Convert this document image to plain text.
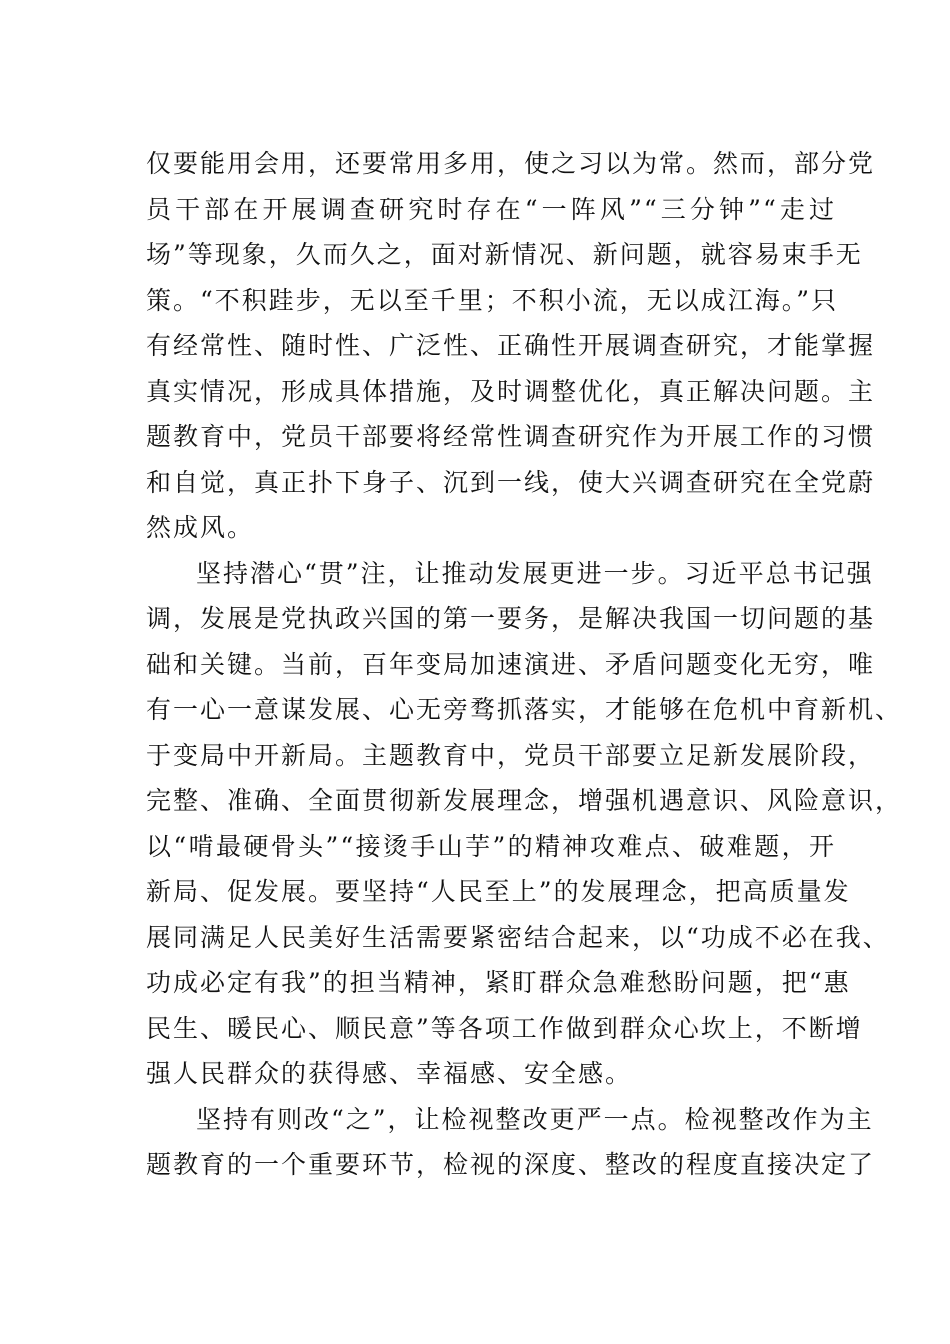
仅要能用会用，还要常用多用，使之习以为常。然而，部分党
员干部在开展调查研究时存在“一阵风”“三分钟”“走过
场”等现象，久而久之，面对新情况、新问题，就容易束手无
策。“不积跬步，无以至千里；不积小流，无以成江海。”只
有经常性、随时性、广泛性、正确性开展调查研究，才能掌握
真实情况，形成具体措施，及时调整优化，真正解决问题。主
题教育中，党员干部要将经常性调查研究作为开展工作的习惯
和自觉，真正扑下身子、沉到一线，使大兴调查研究在全党蔚
然成风。
坚持潜心“贯”注，让推动发展更进一步。习近平总书记强
调，发展是党执政兴国的第一要务，是解决我国一切问题的基
础和关键。当前，百年变局加速演进、矛盾问题变化无穷，唯
有一心一意谋发展、心无旁骛抓落实，才能够在危机中育新机、
于变局中开新局。主题教育中，党员干部要立足新发展阶段，
完整、准确、全面贯彻新发展理念，增强机遇意识、风险意识，
以“啃最硬骨头”“接烫手山芋”的精神攻难点、破难题，开
新局、促发展。要坚持“人民至上”的发展理念，把高质量发
展同满足人民美好生活需要紧密结合起来，以“功成不必在我、
功成必定有我”的担当精神，紧盯群众急难愁盼问题，把“惠
民生、暖民心、顺民意”等各项工作做到群众心坎上，不断增
强人民群众的获得感、幸福感、安全感。
坚持有则改“之”，让检视整改更严一点。检视整改作为主
题教育的一个重要环节，检视的深度、整改的程度直接决定了
